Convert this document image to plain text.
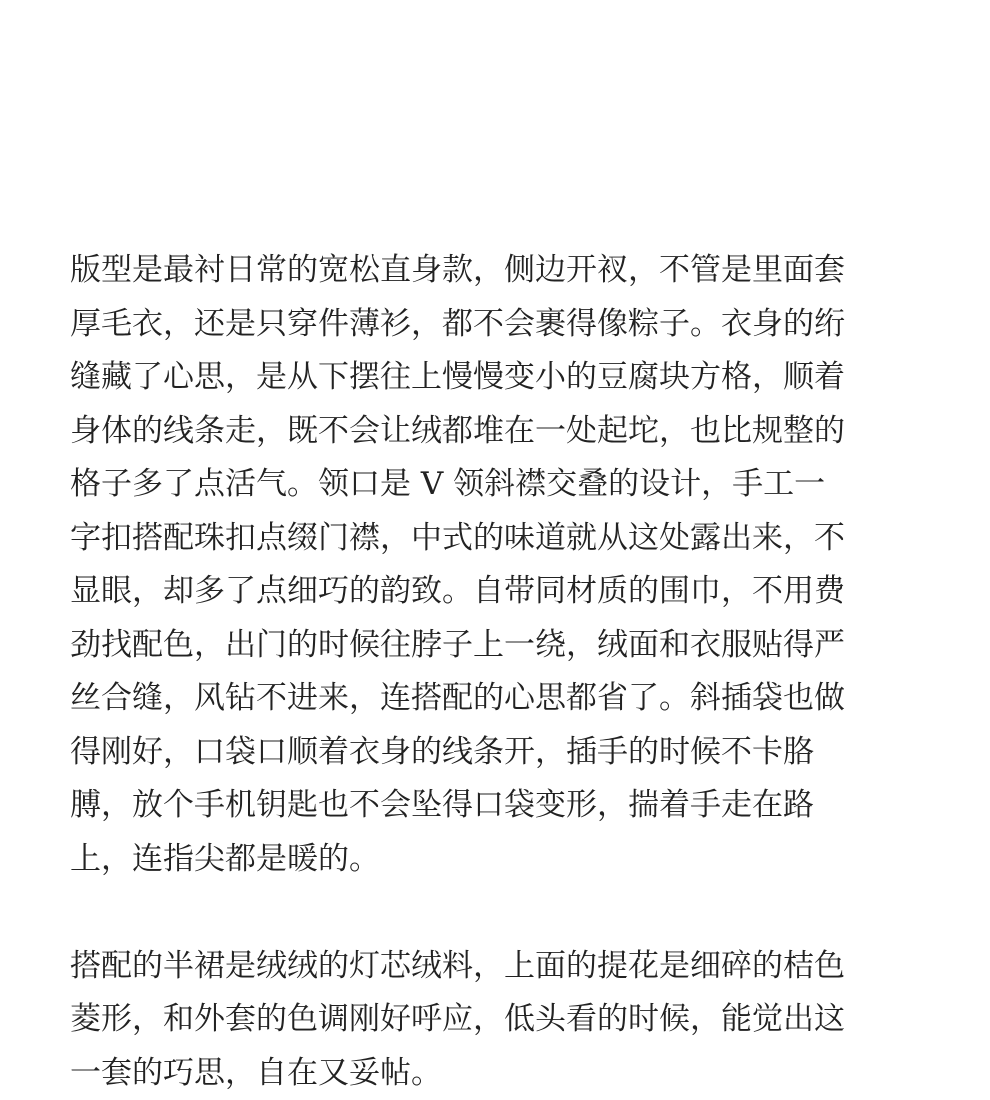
版型是最衬日常的宽松直身款，侧边开衩，不管是里面套
厚毛衣，还是只穿件薄衫，都不会裹得像粽子。衣身的绗
缝藏了心思，是从下摆往上慢慢变小的豆腐块方格，顺着
身体的线条走，既不会让绒都堆在一处起坨，也比规整的
格子多了点活气。领口是 V 领斜襟交叠的设计，手工一
字扣搭配珠扣点缀门襟，中式的味道就从这处露出来，不
显眼，却多了点细巧的韵致。自带同材质的围巾，不用费
劲找配色，出门的时候往脖子上一绕，绒面和衣服贴得严
丝合缝，风钻不进来，连搭配的心思都省了。斜插袋也做
得刚好，口袋口顺着衣身的线条开，插手的时候不卡胳
膊，放个手机钥匙也不会坠得口袋变形，揣着手走在路
上，连指尖都是暖的。
搭配的半裙是绒绒的灯芯绒料，上面的提花是细碎的桔色
菱形，和外套的色调刚好呼应，低头看的时候，能觉出这
一套的巧思，自在又妥帖。
